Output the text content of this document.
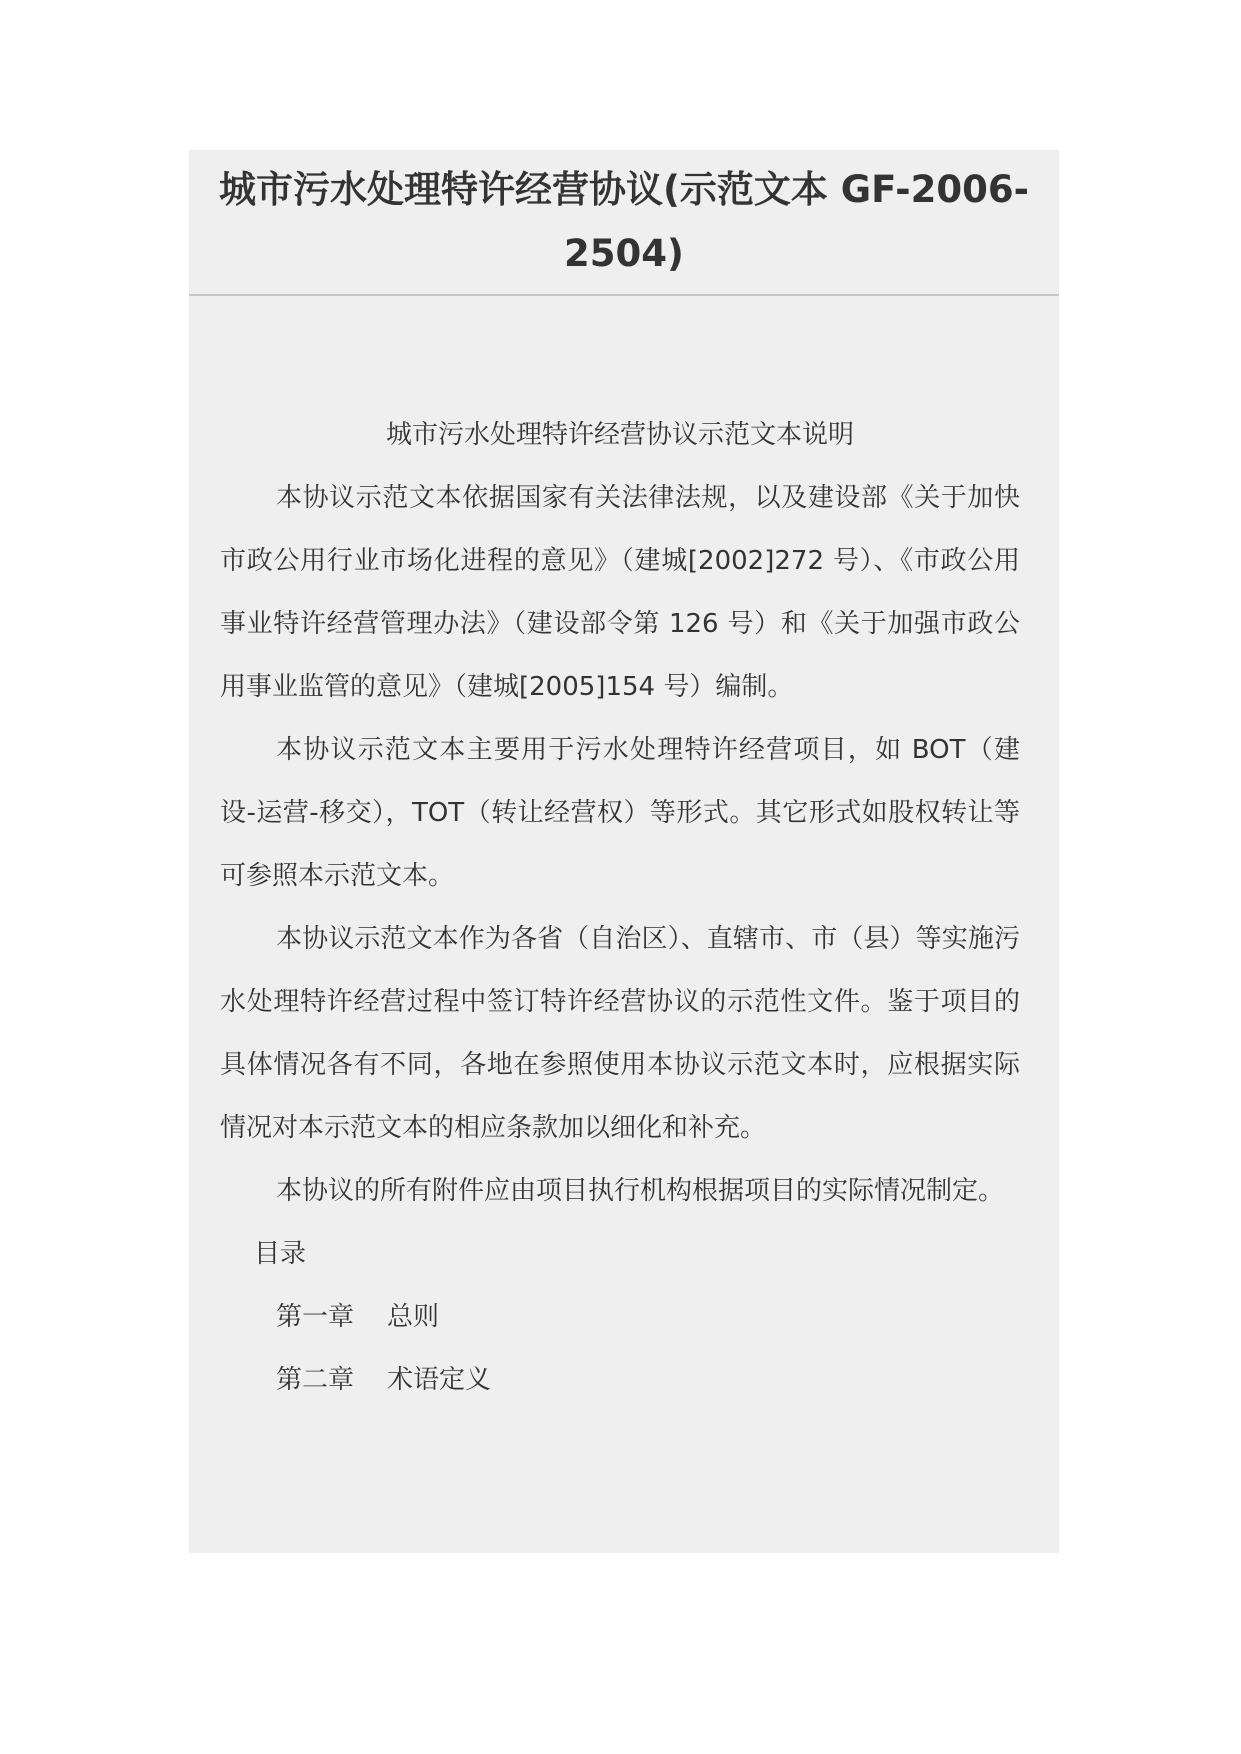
城市污水处理特许经营协议(示范文本 GF-2006-2504)

城市污水处理特许经营协议示范文本说明

本协议示范文本依据国家有关法律法规，以及建设部《关于加快市政公用行业市场化进程的意见》（建城[2002]272 号）、《市政公用事业特许经营管理办法》（建设部令第 126 号）和《关于加强市政公用事业监管的意见》（建城[2005]154 号）编制。

本协议示范文本主要用于污水处理特许经营项目，如 BOT（建设-运营-移交），TOT（转让经营权）等形式。其它形式如股权转让等可参照本示范文本。

本协议示范文本作为各省（自治区）、直辖市、市（县）等实施污水处理特许经营过程中签订特许经营协议的示范性文件。鉴于项目的具体情况各有不同，各地在参照使用本协议示范文本时，应根据实际情况对本示范文本的相应条款加以细化和补充。

本协议的所有附件应由项目执行机构根据项目的实际情况制定。

目录

第一章    总则

第二章    术语定义
